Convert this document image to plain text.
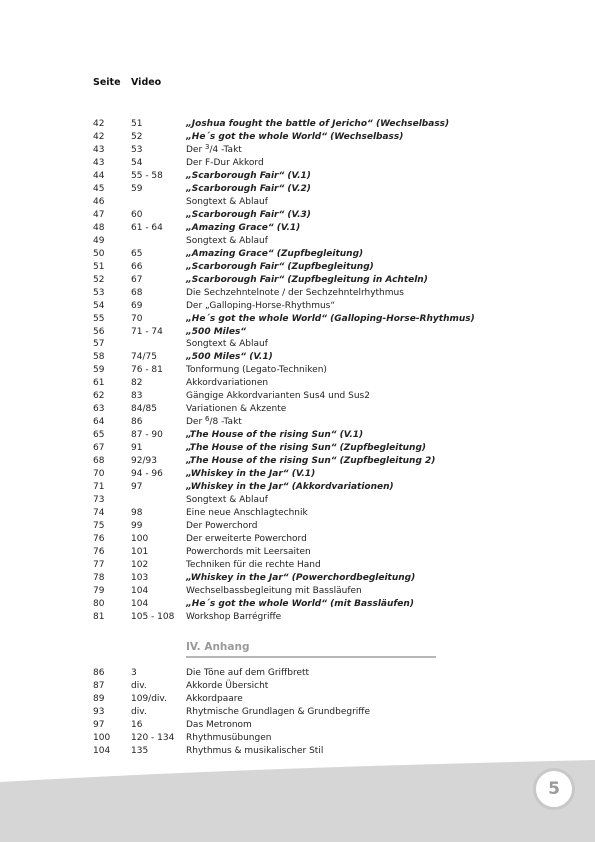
Seite Video
42	51	„Joshua fought the battle of Jericho“ (Wechselbass)
42	52	„He´s got the whole World“ (Wechselbass)
43	53	Der $^3$/4 -Takt
43	54	Der F-Dur Akkord
44	55 - 58	„Scarborough Fair“ (V.1)
45	59	„Scarborough Fair“ (V.2)
46	Songtext & Ablauf
47	60	„Scarborough Fair“ (V.3)
48	61 - 64	„Amazing Grace“ (V.1)
49	Songtext & Ablauf
50	65	„Amazing Grace“ (Zupfbegleitung)
51	66	„Scarborough Fair“ (Zupfbegleitung)
52	67	„Scarborough Fair“ (Zupfbegleitung in Achteln)
53	68	Die Sechzehntelnote / der Sechzehntelrhythmus
54	69	Der „Galloping-Horse-Rhythmus“
55	70	„He´s got the whole World“ (Galloping-Horse-Rhythmus)
56	71 - 74	„500 Miles“
57	Songtext & Ablauf
58	74/75	„500 Miles“ (V.1)
59	76 - 81	Tonformung (Legato-Techniken)
61	82	Akkordvariationen
62	83	Gängige Akkordvarianten Sus4 und Sus2
63	84/85	Variationen & Akzente
64	86	Der $^6$/8 -Takt
65	87 - 90	„The House of the rising Sun“ (V.1)
67	91	„The House of the rising Sun“ (Zupfbegleitung)
68	92/93	„The House of the rising Sun“ (Zupfbegleitung 2)
70	94 - 96	„Whiskey in the Jar“ (V.1)
71	97	„Whiskey in the Jar“ (Akkordvariationen)
73	Songtext & Ablauf
74	98	Eine neue Anschlagtechnik
75	99	Der Powerchord
76	100	Der erweiterte Powerchord
76	101	Powerchords mit Leersaiten
77	102	Techniken für die rechte Hand
78	103	„Whiskey in the Jar“ (Powerchordbegleitung)
79	104	Wechselbassbegleitung mit Bassläufen
80	104	„He´s got the whole World“ (mit Bassläufen)
81	105 - 108 Workshop Barrégriffe
IV. Anhang
86	3	Die Töne auf dem Griffbrett
87	div.	Akkorde Übersicht
89	109/div. Akkordpaare
93	div.	Rhytmische Grundlagen & Grundbegriffe
97	16	Das Metronom
100 120 - 134 Rhythmusübungen
104 135	Rhythmus & musikalischer Stil
5
